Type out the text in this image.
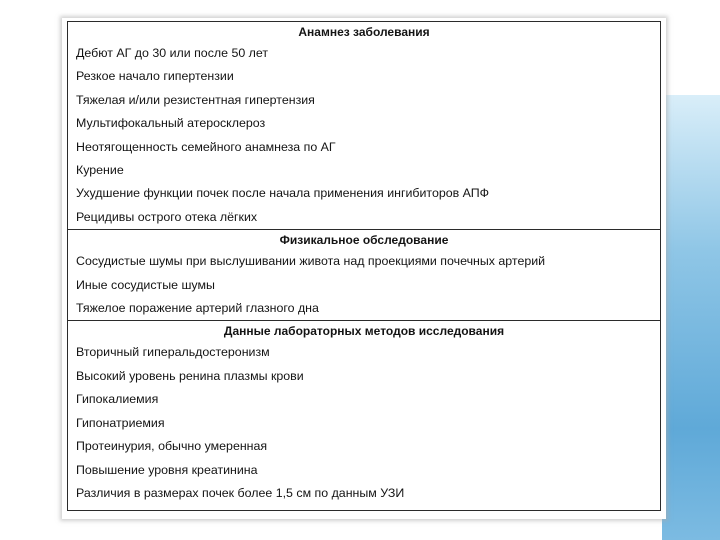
Анамнез заболевания
Дебют АГ до 30 или после 50 лет
Резкое начало гипертензии
Тяжелая и/или резистентная гипертензия
Мультифокальный атеросклероз
Неотягощенность семейного анамнеза по АГ
Курение
Ухудшение функции почек после начала применения ингибиторов АПФ
Рецидивы острого отека лёгких
Физикальное обследование
Сосудистые шумы при выслушивании живота над проекциями почечных артерий
Иные сосудистые шумы
Тяжелое поражение артерий глазного дна
Данные лабораторных методов исследования
Вторичный гиперальдостеронизм
Высокий уровень ренина плазмы крови
Гипокалиемия
Гипонатриемия
Протеинурия, обычно умеренная
Повышение уровня креатинина
Различия в размерах почек более 1,5 см по данным УЗИ
